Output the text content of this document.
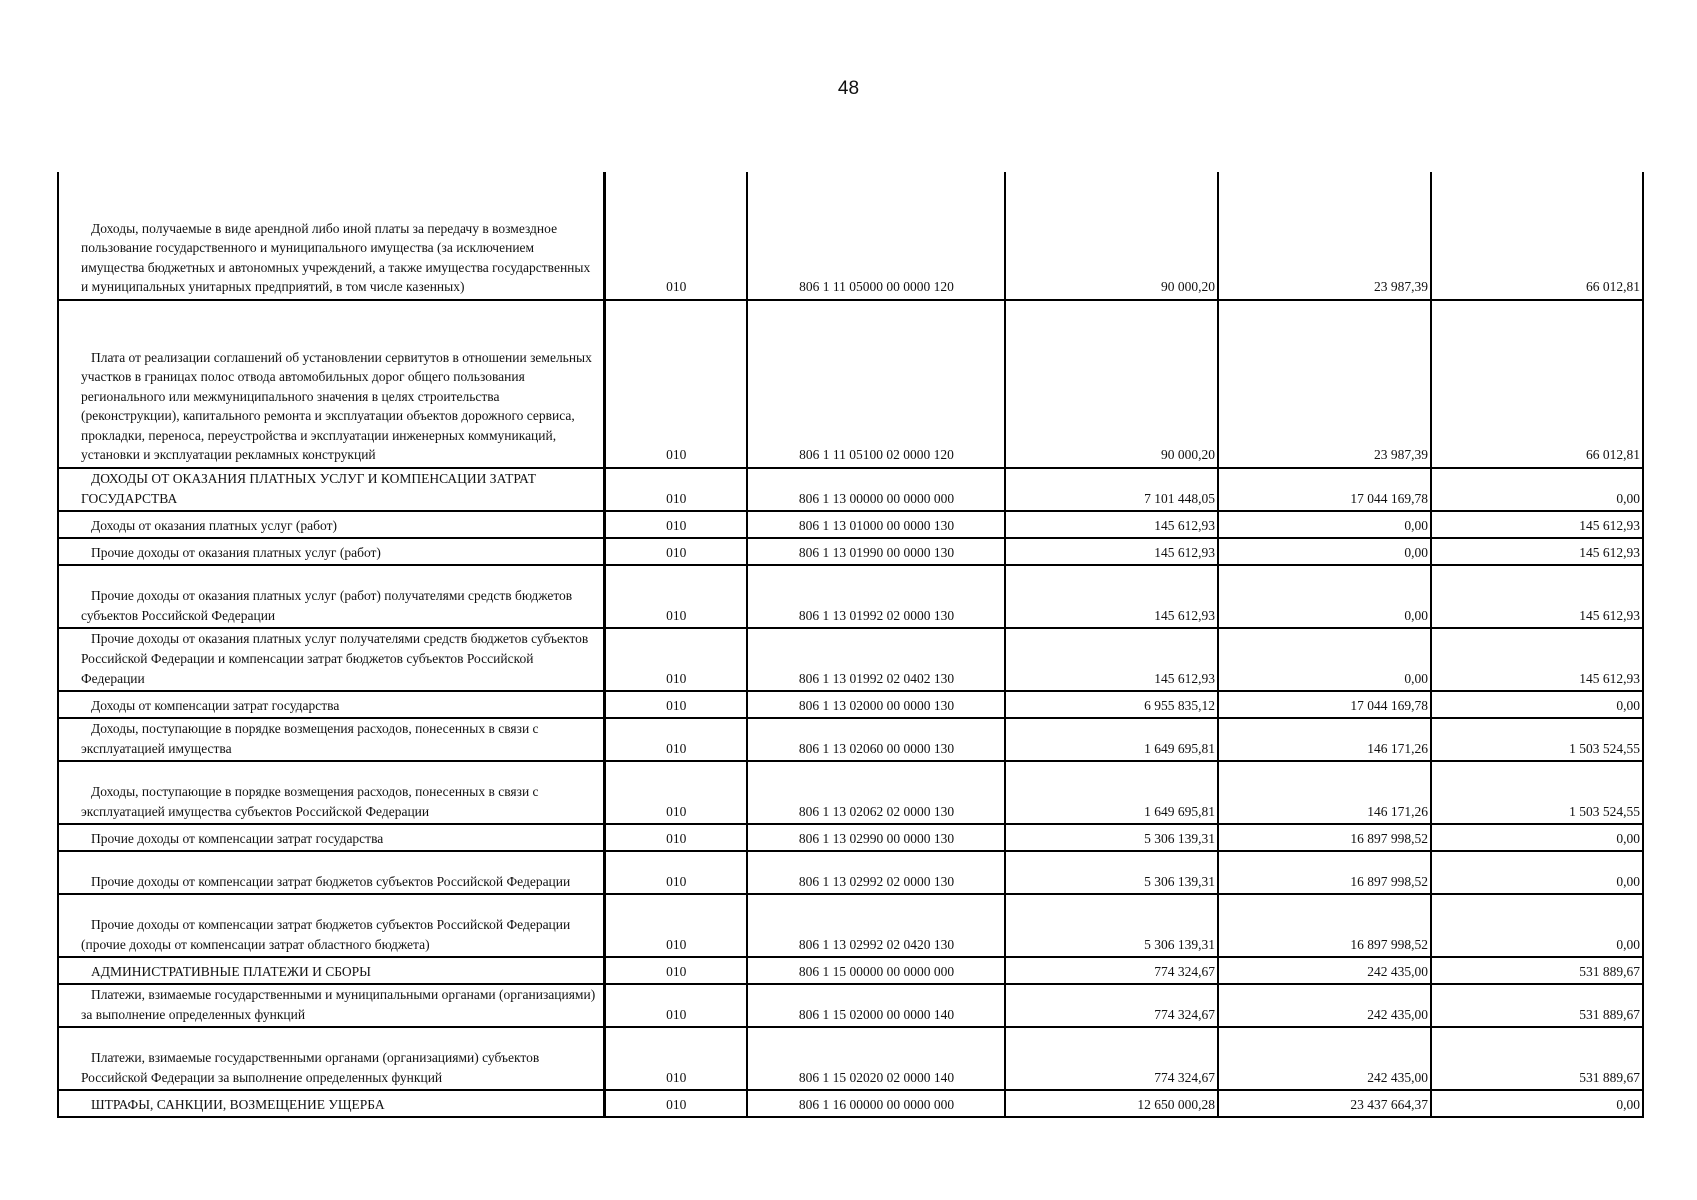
48
Доходы, получаемые в виде арендной либо иной платы за передачу в возмездное пользование государственного и муниципального имущества (за исключением имущества бюджетных и автономных учреждений, а также имущества государственных и муниципальных унитарных предприятий, в том числе казенных)	010	806 1 11 05000 00 0000 120	90 000,20	23 987,39	66 012,81

Плата от реализации соглашений об установлении сервитутов в отношении земельных участков в границах полос отвода автомобильных дорог общего пользования регионального или межмуниципального значения в целях строительства (реконструкции), капитального ремонта и эксплуатации объектов дорожного сервиса, прокладки, переноса, переустройства и эксплуатации инженерных коммуникаций, установки и эксплуатации рекламных конструкций	010	806 1 11 05100 02 0000 120	90 000,20	23 987,39	66 012,81

ДОХОДЫ ОТ ОКАЗАНИЯ ПЛАТНЫХ УСЛУГ И КОМПЕНСАЦИИ ЗАТРАТ ГОСУДАРСТВА	010	806 1 13 00000 00 0000 000	7 101 448,05	17 044 169,78	0,00

Доходы от оказания платных услуг (работ)	010	806 1 13 01000 00 0000 130	145 612,93	0,00	145 612,93

Прочие доходы от оказания платных услуг (работ)	010	806 1 13 01990 00 0000 130	145 612,93	0,00	145 612,93

Прочие доходы от оказания платных услуг (работ) получателями средств бюджетов субъектов Российской Федерации	010	806 1 13 01992 02 0000 130	145 612,93	0,00	145 612,93

Прочие доходы от оказания платных услуг получателями средств бюджетов субъектов Российской Федерации и компенсации затрат бюджетов субъектов Российской Федерации	010	806 1 13 01992 02 0402 130	145 612,93	0,00	145 612,93

Доходы от компенсации затрат государства	010	806 1 13 02000 00 0000 130	6 955 835,12	17 044 169,78	0,00

Доходы, поступающие в порядке возмещения расходов, понесенных в связи с эксплуатацией имущества	010	806 1 13 02060 00 0000 130	1 649 695,81	146 171,26	1 503 524,55

Доходы, поступающие в порядке возмещения расходов, понесенных в связи с эксплуатацией имущества субъектов Российской Федерации	010	806 1 13 02062 02 0000 130	1 649 695,81	146 171,26	1 503 524,55

Прочие доходы от компенсации затрат государства	010	806 1 13 02990 00 0000 130	5 306 139,31	16 897 998,52	0,00

Прочие доходы от компенсации затрат бюджетов субъектов Российской Федерации	010	806 1 13 02992 02 0000 130	5 306 139,31	16 897 998,52	0,00

Прочие доходы от компенсации затрат бюджетов субъектов Российской Федерации (прочие доходы от компенсации затрат областного бюджета)	010	806 1 13 02992 02 0420 130	5 306 139,31	16 897 998,52	0,00

АДМИНИСТРАТИВНЫЕ ПЛАТЕЖИ И СБОРЫ	010	806 1 15 00000 00 0000 000	774 324,67	242 435,00	531 889,67

Платежи, взимаемые государственными и муниципальными органами (организациями) за выполнение определенных функций	010	806 1 15 02000 00 0000 140	774 324,67	242 435,00	531 889,67

Платежи, взимаемые государственными органами (организациями) субъектов Российской Федерации за выполнение определенных функций	010	806 1 15 02020 02 0000 140	774 324,67	242 435,00	531 889,67

ШТРАФЫ, САНКЦИИ, ВОЗМЕЩЕНИЕ УЩЕРБА	010	806 1 16 00000 00 0000 000	12 650 000,28	23 437 664,37	0,00
